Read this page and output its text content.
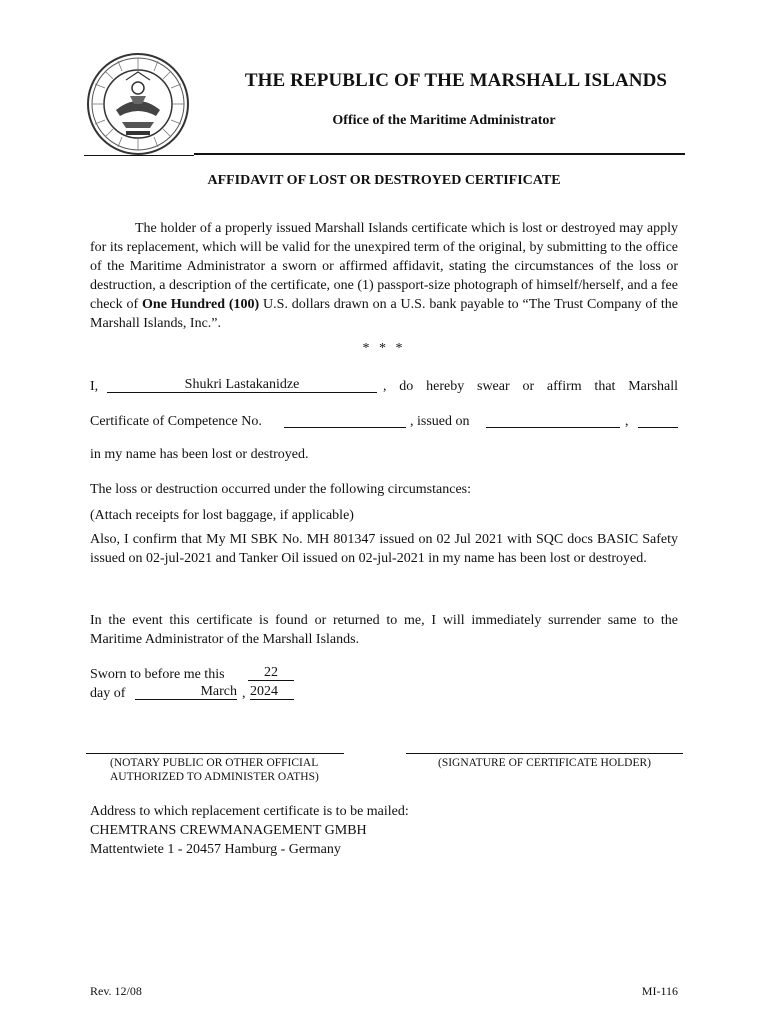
THE REPUBLIC OF THE MARSHALL ISLANDS
Office of the Maritime Administrator
AFFIDAVIT OF LOST OR DESTROYED CERTIFICATE
The holder of a properly issued Marshall Islands certificate which is lost or destroyed may apply for its replacement, which will be valid for the unexpired term of the original, by submitting to the office of the Maritime Administrator a sworn or affirmed affidavit, stating the circumstances of the loss or destruction, a description of the certificate, one (1) passport-size photograph of himself/herself, and a fee check of One Hundred (100) U.S. dollars drawn on a U.S. bank payable to “The Trust Company of the Marshall Islands, Inc.”.
* * *
I,	Shukri Lastakanidze	, do hereby swear or affirm that Marshall
Certificate of Competence No.	, issued on	,
in my name has been lost or destroyed.
The loss or destruction occurred under the following circumstances:
(Attach receipts for lost baggage, if applicable)
Also, I confirm that My MI SBK No. MH 801347 issued on 02 Jul 2021 with SQC docs BASIC Safety issued on 02-jul-2021 and Tanker Oil issued on 02-jul-2021 in my name has been lost or destroyed.
In the event this certificate is found or returned to me, I will immediately surrender same to the Maritime Administrator of the Marshall Islands.
Sworn to before me this	22
day of	March , 2024
(NOTARY PUBLIC OR OTHER OFFICIAL
AUTHORIZED TO ADMINISTER OATHS)
(SIGNATURE OF CERTIFICATE HOLDER)
Address to which replacement certificate is to be mailed:
CHEMTRANS CREWMANAGEMENT GMBH
Mattentwiete 1 - 20457 Hamburg - Germany
Rev. 12/08	MI-116
